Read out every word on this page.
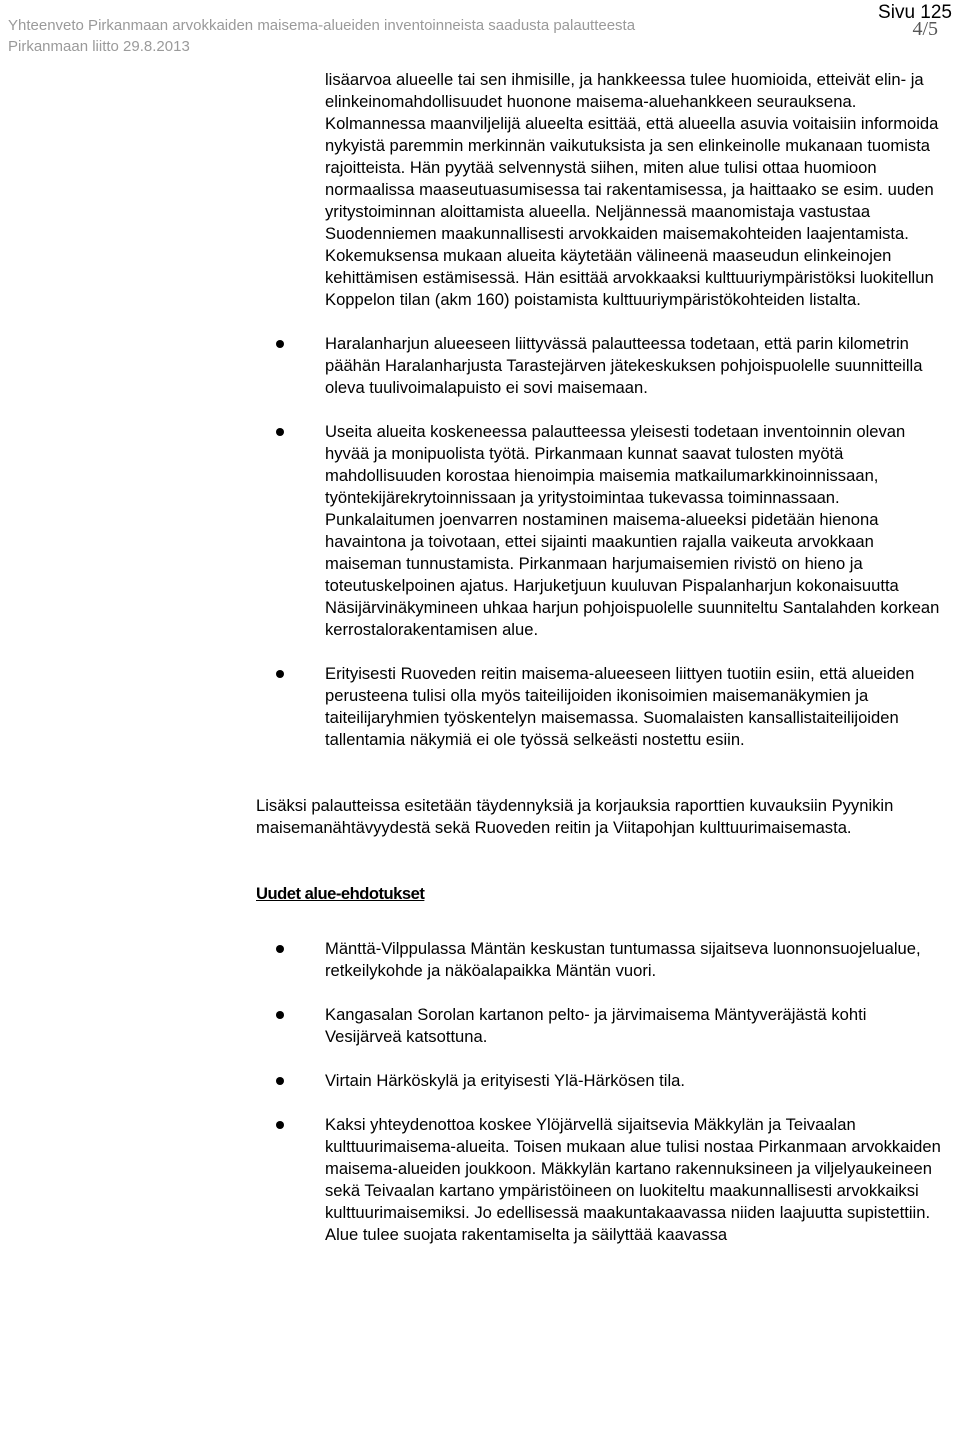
Yhteenveto Pirkanmaan arvokkaiden maisema-alueiden inventoinneista saadusta palautteesta
Pirkanmaan liitto 29.8.2013
Sivu 125
4/5
lisäarvoa alueelle tai sen ihmisille, ja hankkeessa tulee huomioida, etteivät elin- ja elinkeinomahdollisuudet huonone maisema-aluehankkeen seurauksena. Kolmannessa maanviljelijä alueelta esittää, että alueella asuvia voitaisiin informoida nykyistä paremmin merkinnän vaikutuksista ja sen elinkeinolle mukanaan tuomista rajoitteista. Hän pyytää selvennystä siihen, miten alue tulisi ottaa huomioon normaalissa maaseutuasumisessa tai rakentamisessa, ja haittaako se esim. uuden yritystoiminnan aloittamista alueella. Neljännessä maanomistaja vastustaa Suodenniemen maakunnallisesti arvokkaiden maisemakohteiden laajentamista. Kokemuksensa mukaan alueita käytetään välineenä maaseudun elinkeinojen kehittämisen estämisessä. Hän esittää arvokkaaksi kulttuuriympäristöksi luokitellun Koppelon tilan (akm 160) poistamista kulttuuriympäristökohteiden listalta.
Haralanharjun alueeseen liittyvässä palautteessa todetaan, että parin kilometrin päähän Haralanharjusta Tarastejärven jätekeskuksen pohjoispuolelle suunnitteilla oleva tuulivoimalapuisto ei sovi maisemaan.
Useita alueita koskeneessa palautteessa yleisesti todetaan inventoinnin olevan hyvää ja monipuolista työtä. Pirkanmaan kunnat saavat tulosten myötä mahdollisuuden korostaa hienoimpia maisemia matkailumarkkinoinnissaan, työntekijärekrytoinnissaan ja yritystoimintaa tukevassa toiminnassaan. Punkalaitumen joenvarren nostaminen maisema-alueeksi pidetään hienona havaintona ja toivotaan, ettei sijainti maakuntien rajalla vaikeuta arvokkaan maiseman tunnustamista. Pirkanmaan harjumaisemien rivistö on hieno ja toteutuskelpoinen ajatus. Harjuketjuun kuuluvan Pispalanharjun kokonaisuutta Näsijärvinäkymineen uhkaa harjun pohjoispuolelle suunniteltu Santalahden korkean kerrostalorakentamisen alue.
Erityisesti Ruoveden reitin maisema-alueeseen liittyen tuotiin esiin, että alueiden perusteena tulisi olla myös taiteilijoiden ikonisoimien maisemanäkymien ja taiteilijaryhmien työskentelyn maisemassa. Suomalaisten kansallistaiteilijoiden tallentamia näkymiä ei ole työssä selkeästi nostettu esiin.
Lisäksi palautteissa esitetään täydennyksiä ja korjauksia raporttien kuvauksiin Pyynikin maisemanähtävyydestä sekä Ruoveden reitin ja Viitapohjan kulttuurimaisemasta.
Uudet alue-ehdotukset
Mänttä-Vilppulassa Mäntän keskustan tuntumassa sijaitseva luonnonsuojelualue, retkeilykohde ja näköalapaikka Mäntän vuori.
Kangasalan Sorolan kartanon pelto- ja järvimaisema Mäntyveräjästä kohti Vesijärveä katsottuna.
Virtain Härköskylä ja erityisesti Ylä-Härkösen tila.
Kaksi yhteydenottoa koskee Ylöjärvellä sijaitsevia Mäkkylän ja Teivaalan kulttuurimaisema-alueita. Toisen mukaan alue tulisi nostaa Pirkanmaan arvokkaiden maisema-alueiden joukkoon. Mäkkylän kartano rakennuksineen ja viljelyaukeineen sekä Teivaalan kartano ympäristöineen on luokiteltu maakunnallisesti arvokkaiksi kulttuurimaisemiksi. Jo edellisessä maakuntakaavassa niiden laajuutta supistettiin. Alue tulee suojata rakentamiselta ja säilyttää kaavassa
